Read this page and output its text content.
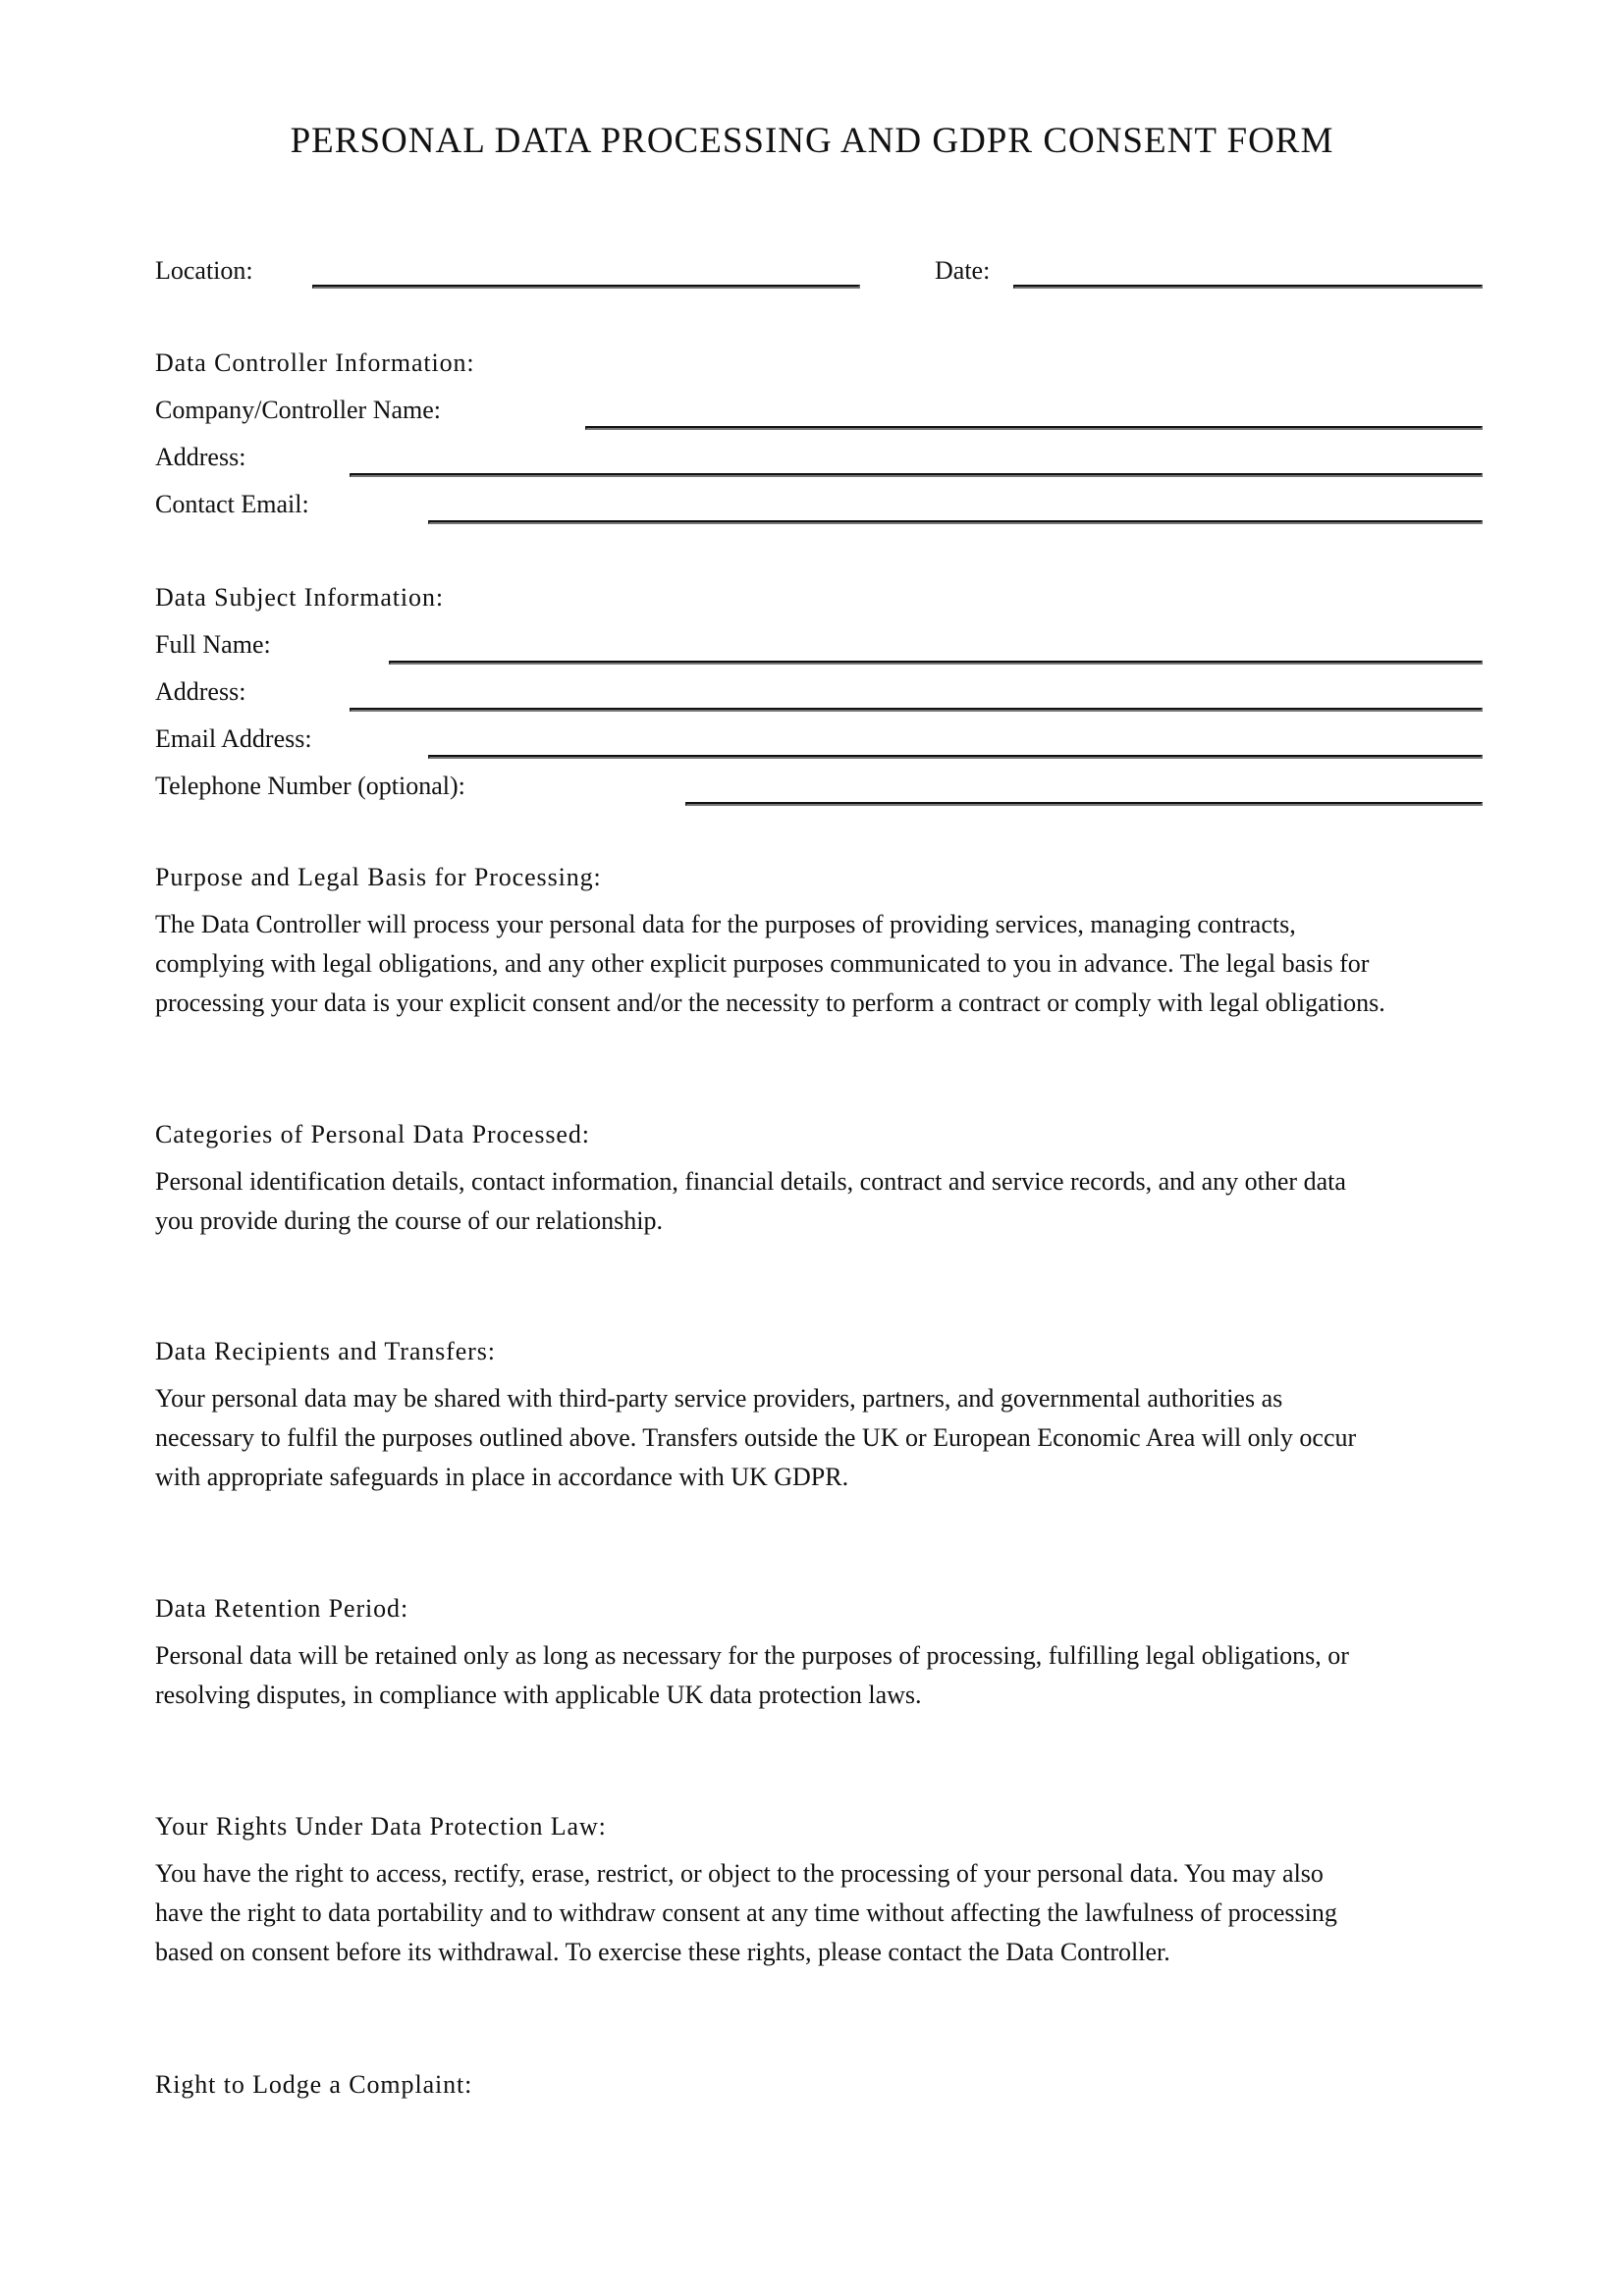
PERSONAL DATA PROCESSING AND GDPR CONSENT FORM
Location:	Date:
Data Controller Information:
Company/Controller Name:
Address:
Contact Email:
Data Subject Information:
Full Name:
Address:
Email Address:
Telephone Number (optional):
Purpose and Legal Basis for Processing:
The Data Controller will process your personal data for the purposes of providing services, managing contracts,
complying with legal obligations, and any other explicit purposes communicated to you in advance. The legal basis for
processing your data is your explicit consent and/or the necessity to perform a contract or comply with legal obligations.
Categories of Personal Data Processed:
Personal identification details, contact information, financial details, contract and service records, and any other data
you provide during the course of our relationship.
Data Recipients and Transfers:
Your personal data may be shared with third-party service providers, partners, and governmental authorities as
necessary to fulfil the purposes outlined above. Transfers outside the UK or European Economic Area will only occur
with appropriate safeguards in place in accordance with UK GDPR.
Data Retention Period:
Personal data will be retained only as long as necessary for the purposes of processing, fulfilling legal obligations, or
resolving disputes, in compliance with applicable UK data protection laws.
Your Rights Under Data Protection Law:
You have the right to access, rectify, erase, restrict, or object to the processing of your personal data. You may also
have the right to data portability and to withdraw consent at any time without affecting the lawfulness of processing
based on consent before its withdrawal. To exercise these rights, please contact the Data Controller.
Right to Lodge a Complaint:
